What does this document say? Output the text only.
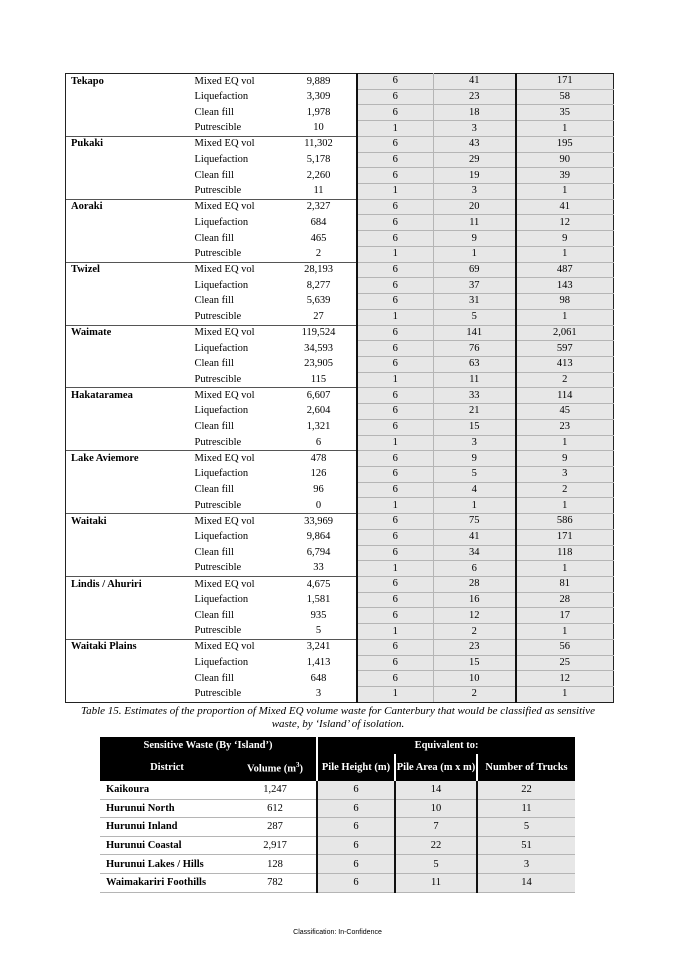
Tekapo	Mixed EQ vol	9,889	6	41	171
	Liquefaction	3,309	6	23	58
	Clean fill	1,978	6	18	35
	Putrescible	10	1	3	1
Pukaki	Mixed EQ vol	11,302	6	43	195
	Liquefaction	5,178	6	29	90
	Clean fill	2,260	6	19	39
	Putrescible	11	1	3	1
Aoraki	Mixed EQ vol	2,327	6	20	41
	Liquefaction	684	6	11	12
	Clean fill	465	6	9	9
	Putrescible	2	1	1	1
Twizel	Mixed EQ vol	28,193	6	69	487
	Liquefaction	8,277	6	37	143
	Clean fill	5,639	6	31	98
	Putrescible	27	1	5	1
Waimate	Mixed EQ vol	119,524	6	141	2,061
	Liquefaction	34,593	6	76	597
	Clean fill	23,905	6	63	413
	Putrescible	115	1	11	2
Hakataramea	Mixed EQ vol	6,607	6	33	114
	Liquefaction	2,604	6	21	45
	Clean fill	1,321	6	15	23
	Putrescible	6	1	3	1
Lake Aviemore	Mixed EQ vol	478	6	9	9
	Liquefaction	126	6	5	3
	Clean fill	96	6	4	2
	Putrescible	0	1	1	1
Waitaki	Mixed EQ vol	33,969	6	75	586
	Liquefaction	9,864	6	41	171
	Clean fill	6,794	6	34	118
	Putrescible	33	1	6	1
Lindis / Ahuriri	Mixed EQ vol	4,675	6	28	81
	Liquefaction	1,581	6	16	28
	Clean fill	935	6	12	17
	Putrescible	5	1	2	1
Waitaki Plains	Mixed EQ vol	3,241	6	23	56
	Liquefaction	1,413	6	15	25
	Clean fill	648	6	10	12
	Putrescible	3	1	2	1
Table 15. Estimates of the proportion of Mixed EQ volume waste for Canterbury that would be classified as sensitive waste, by ‘Island’ of isolation.
Sensitive Waste (By ‘Island’)		Equivalent to:		
District	Volume $(m^3)$	Pile Height (m)	Pile Area (m x m)	Number of Trucks
Kaikoura	1,247	6	14	22
Hurunui North	612	6	10	11
Hurunui Inland	287	6	7	5
Hurunui Coastal	2,917	6	22	51
Hurunui Lakes / Hills	128	6	5	3
Waimakariri Foothills	782	6	11	14
Classification: In-Confidence
